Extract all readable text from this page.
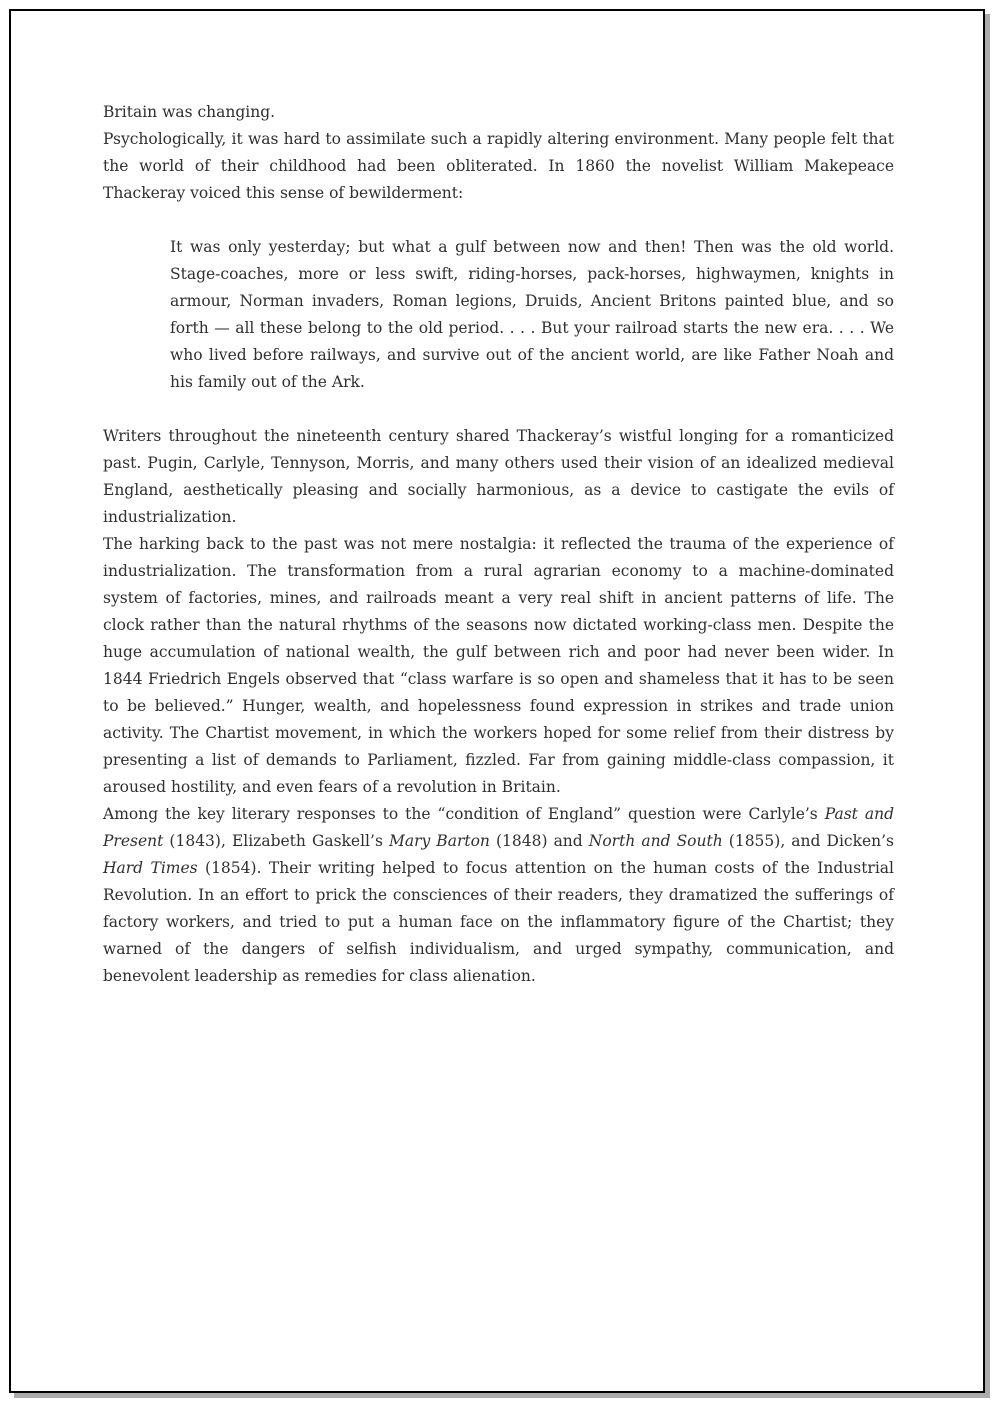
Britain was changing.

Psychologically, it was hard to assimilate such a rapidly altering environment. Many people felt that the world of their childhood had been obliterated. In 1860 the novelist William Makepeace Thackeray voiced this sense of bewilderment:

It was only yesterday; but what a gulf between now and then! Then was the old world. Stage-coaches, more or less swift, riding-horses, pack-horses, highwaymen, knights in armour, Norman invaders, Roman legions, Druids, Ancient Britons painted blue, and so forth — all these belong to the old period. . . . But your railroad starts the new era. . . . We who lived before railways, and survive out of the ancient world, are like Father Noah and his family out of the Ark.

Writers throughout the nineteenth century shared Thackeray’s wistful longing for a romanticized past. Pugin, Carlyle, Tennyson, Morris, and many others used their vision of an idealized medieval England, aesthetically pleasing and socially harmonious, as a device to castigate the evils of industrialization.

The harking back to the past was not mere nostalgia: it reflected the trauma of the experience of industrialization. The transformation from a rural agrarian economy to a machine-dominated system of factories, mines, and railroads meant a very real shift in ancient patterns of life. The clock rather than the natural rhythms of the seasons now dictated working-class men. Despite the huge accumulation of national wealth, the gulf between rich and poor had never been wider. In 1844 Friedrich Engels observed that “class warfare is so open and shameless that it has to be seen to be believed.” Hunger, wealth, and hopelessness found expression in strikes and trade union activity. The Chartist movement, in which the workers hoped for some relief from their distress by presenting a list of demands to Parliament, fizzled. Far from gaining middle-class compassion, it aroused hostility, and even fears of a revolution in Britain.

Among the key literary responses to the “condition of England” question were Carlyle’s Past and Present (1843), Elizabeth Gaskell’s Mary Barton (1848) and North and South (1855), and Dicken’s Hard Times (1854). Their writing helped to focus attention on the human costs of the Industrial Revolution. In an effort to prick the consciences of their readers, they dramatized the sufferings of factory workers, and tried to put a human face on the inflammatory figure of the Chartist; they warned of the dangers of selfish individualism, and urged sympathy, communication, and benevolent leadership as remedies for class alienation.
